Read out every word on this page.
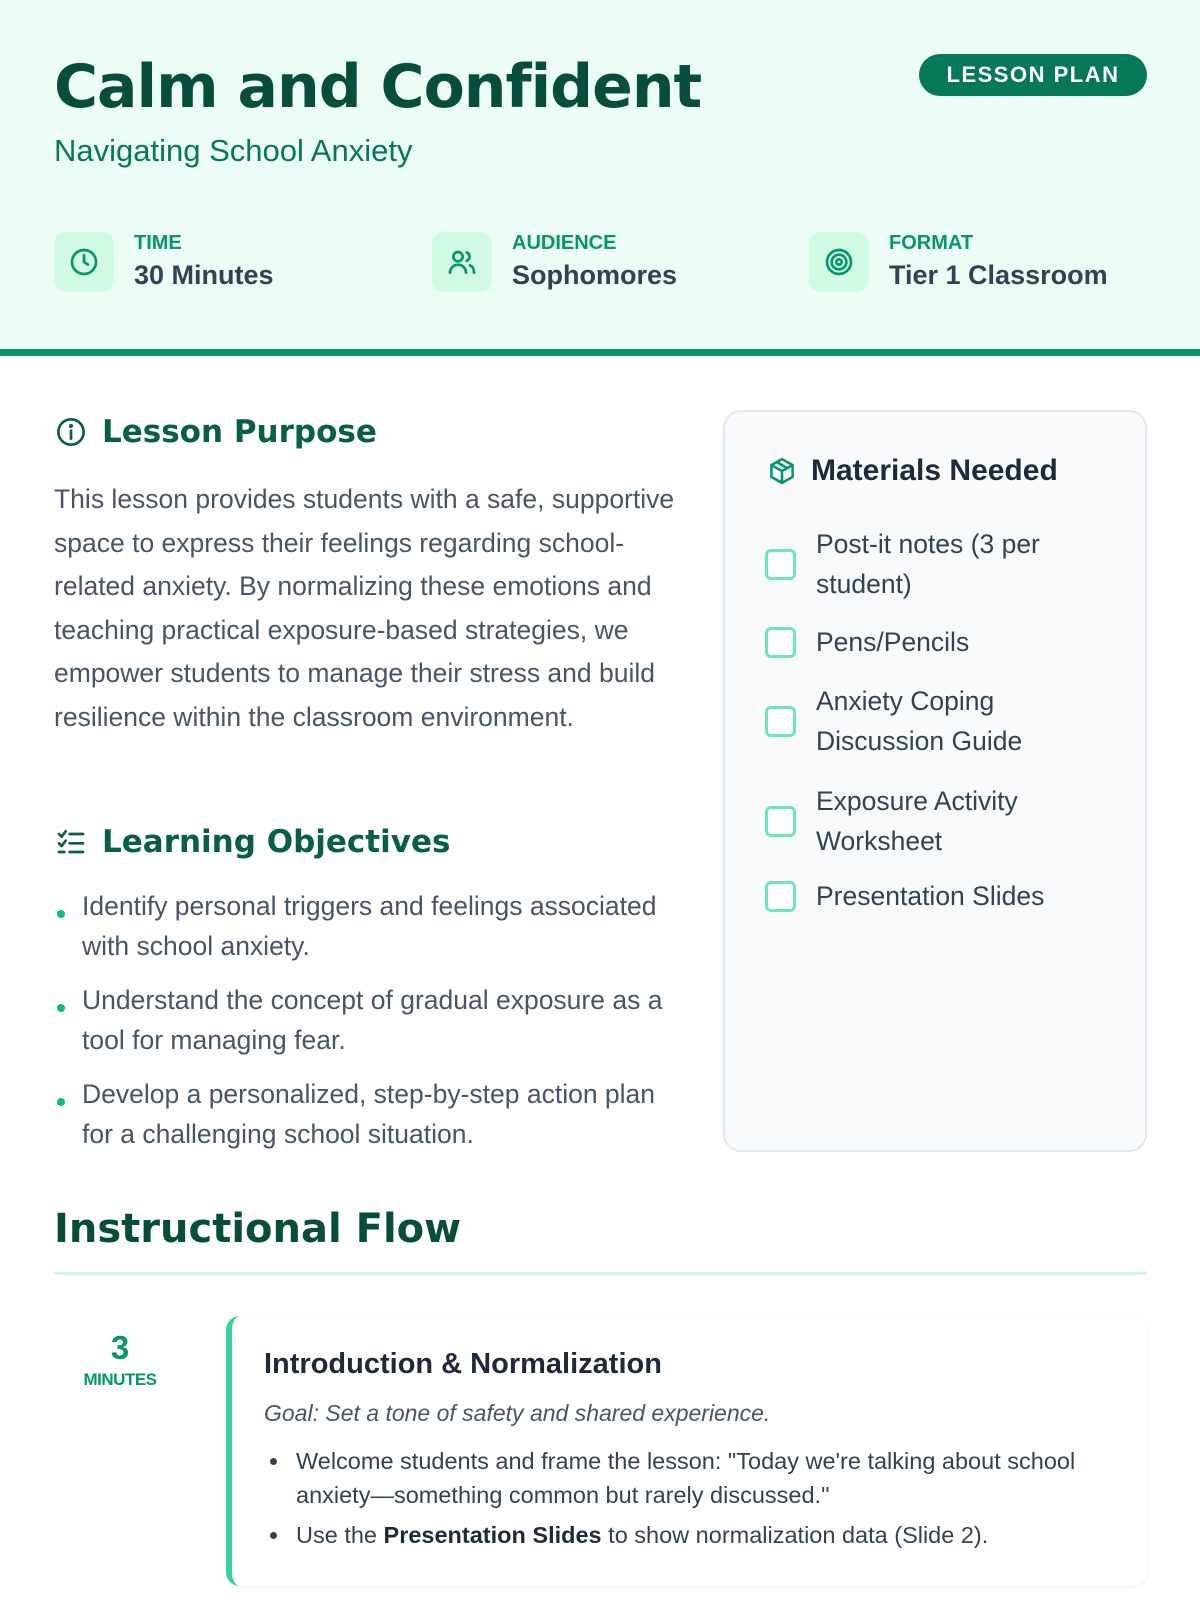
Calm and Confident
Navigating School Anxiety
LESSON PLAN
TIME
30 Minutes
AUDIENCE
Sophomores
FORMAT
Tier 1 Classroom
Lesson Purpose

This lesson provides students with a safe, supportive space to express their feelings regarding school-related anxiety. By normalizing these emotions and teaching practical exposure-based strategies, we empower students to manage their stress and build resilience within the classroom environment.

Learning Objectives
Identify personal triggers and feelings associated with school anxiety.
Understand the concept of gradual exposure as a tool for managing fear.
Develop a personalized, step-by-step action plan for a challenging school situation.
Materials Needed
Post-it notes (3 per student)
Pens/Pencils
Anxiety Coping Discussion Guide
Exposure Activity Worksheet
Presentation Slides
Instructional Flow
3
MINUTES	Introduction & Normalization
Goal: Set a tone of safety and shared experience.
Welcome students and frame the lesson: "Today we're talking about school anxiety—something common but rarely discussed."
Use the Presentation Slides to show normalization data (Slide 2).
